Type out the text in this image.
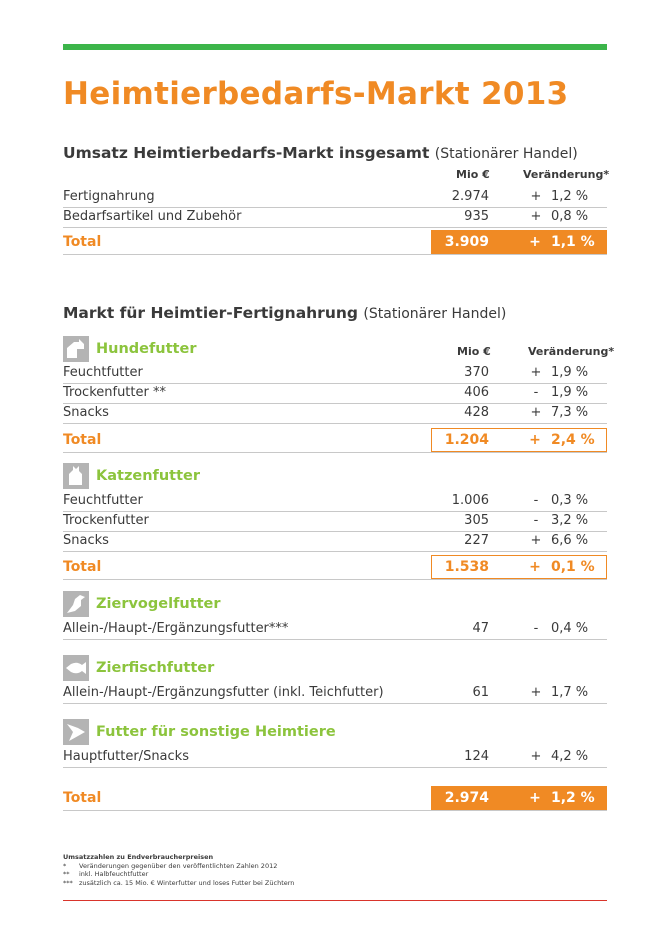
Heimtierbedarfs-Markt 2013
Umsatz Heimtierbedarfs-Markt insgesamt (Stationärer Handel)
Mio €	Veränderung*
Fertignahrung	2.974	+ 1,2 %
Bedarfsartikel und Zubehör	935	+ 0,8 %
Total	3.909	+ 1,1 %
Markt für Heimtier-Fertignahrung (Stationärer Handel)
Hundefutter	Mio €	Veränderung*
Feuchtfutter	370	+ 1,9 %
Trockenfutter **	406	- 1,9 %
Snacks	428	+ 7,3 %
Total	1.204	+ 2,4 %
Katzenfutter
Feuchtfutter	1.006	- 0,3 %
Trockenfutter	305	- 3,2 %
Snacks	227	+ 6,6 %
Total	1.538	+ 0,1 %
Ziervogelfutter
Allein-/Haupt-/Ergänzungsfutter***	47	- 0,4 %
Zierfischfutter
Allein-/Haupt-/Ergänzungsfutter (inkl. Teichfutter)	61	+ 1,7 %
Futter für sonstige Heimtiere
Hauptfutter/Snacks	124	+ 4,2 %
Total	2.974	+ 1,2 %
Umsatzzahlen zu Endverbraucherpreisen
* Veränderungen gegenüber den veröffentlichten Zahlen 2012
** inkl. Halbfeuchtfutter
*** zusätzlich ca. 15 Mio. € Winterfutter und loses Futter bei Züchtern
